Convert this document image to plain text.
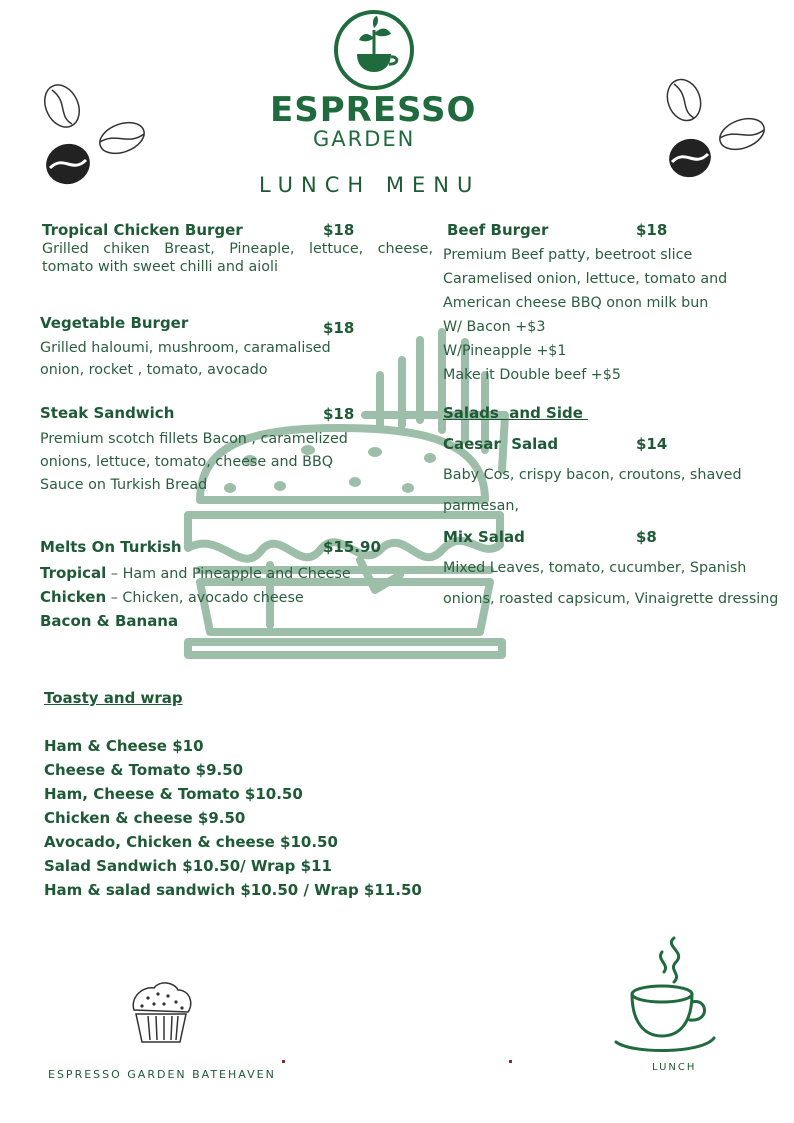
ESPRESSO
GARDEN
LUNCH MENU
Tropical Chicken Burger	$18
Grilled chiken Breast, Pineaple, lettuce, cheese, tomato with sweet chilli and aioli
Vegetable Burger	$18
Grilled haloumi, mushroom, caramalised onion, rocket , tomato, avocado
Steak Sandwich	$18
Premium scotch fillets Bacon , caramelized onions, lettuce, tomato, cheese and BBQ Sauce on Turkish Bread
Melts On Turkish	$15.90
Tropical – Ham and Pineapple and Cheese
Chicken – Chicken, avocado cheese
Bacon & Banana
Beef Burger	$18
Premium Beef patty, beetroot slice
Caramelised onion, lettuce, tomato and
American cheese BBQ onon milk bun
W/ Bacon +$3
W/Pineapple +$1
Make it Double beef +$5
Salads  and Side
Caesar  Salad	$14
Baby Cos, crispy bacon, croutons, shaved parmesan,
Mix Salad	$8
Mixed Leaves, tomato, cucumber, Spanish onions, roasted capsicum, Vinaigrette dressing
Toasty and wrap
Ham & Cheese $10
Cheese & Tomato $9.50
Ham, Cheese & Tomato $10.50
Chicken & cheese $9.50
Avocado, Chicken & cheese $10.50
Salad Sandwich $10.50/ Wrap $11
Ham & salad sandwich $10.50 / Wrap $11.50
ESPRESSO GARDEN BATEHAVEN
LUNCH
